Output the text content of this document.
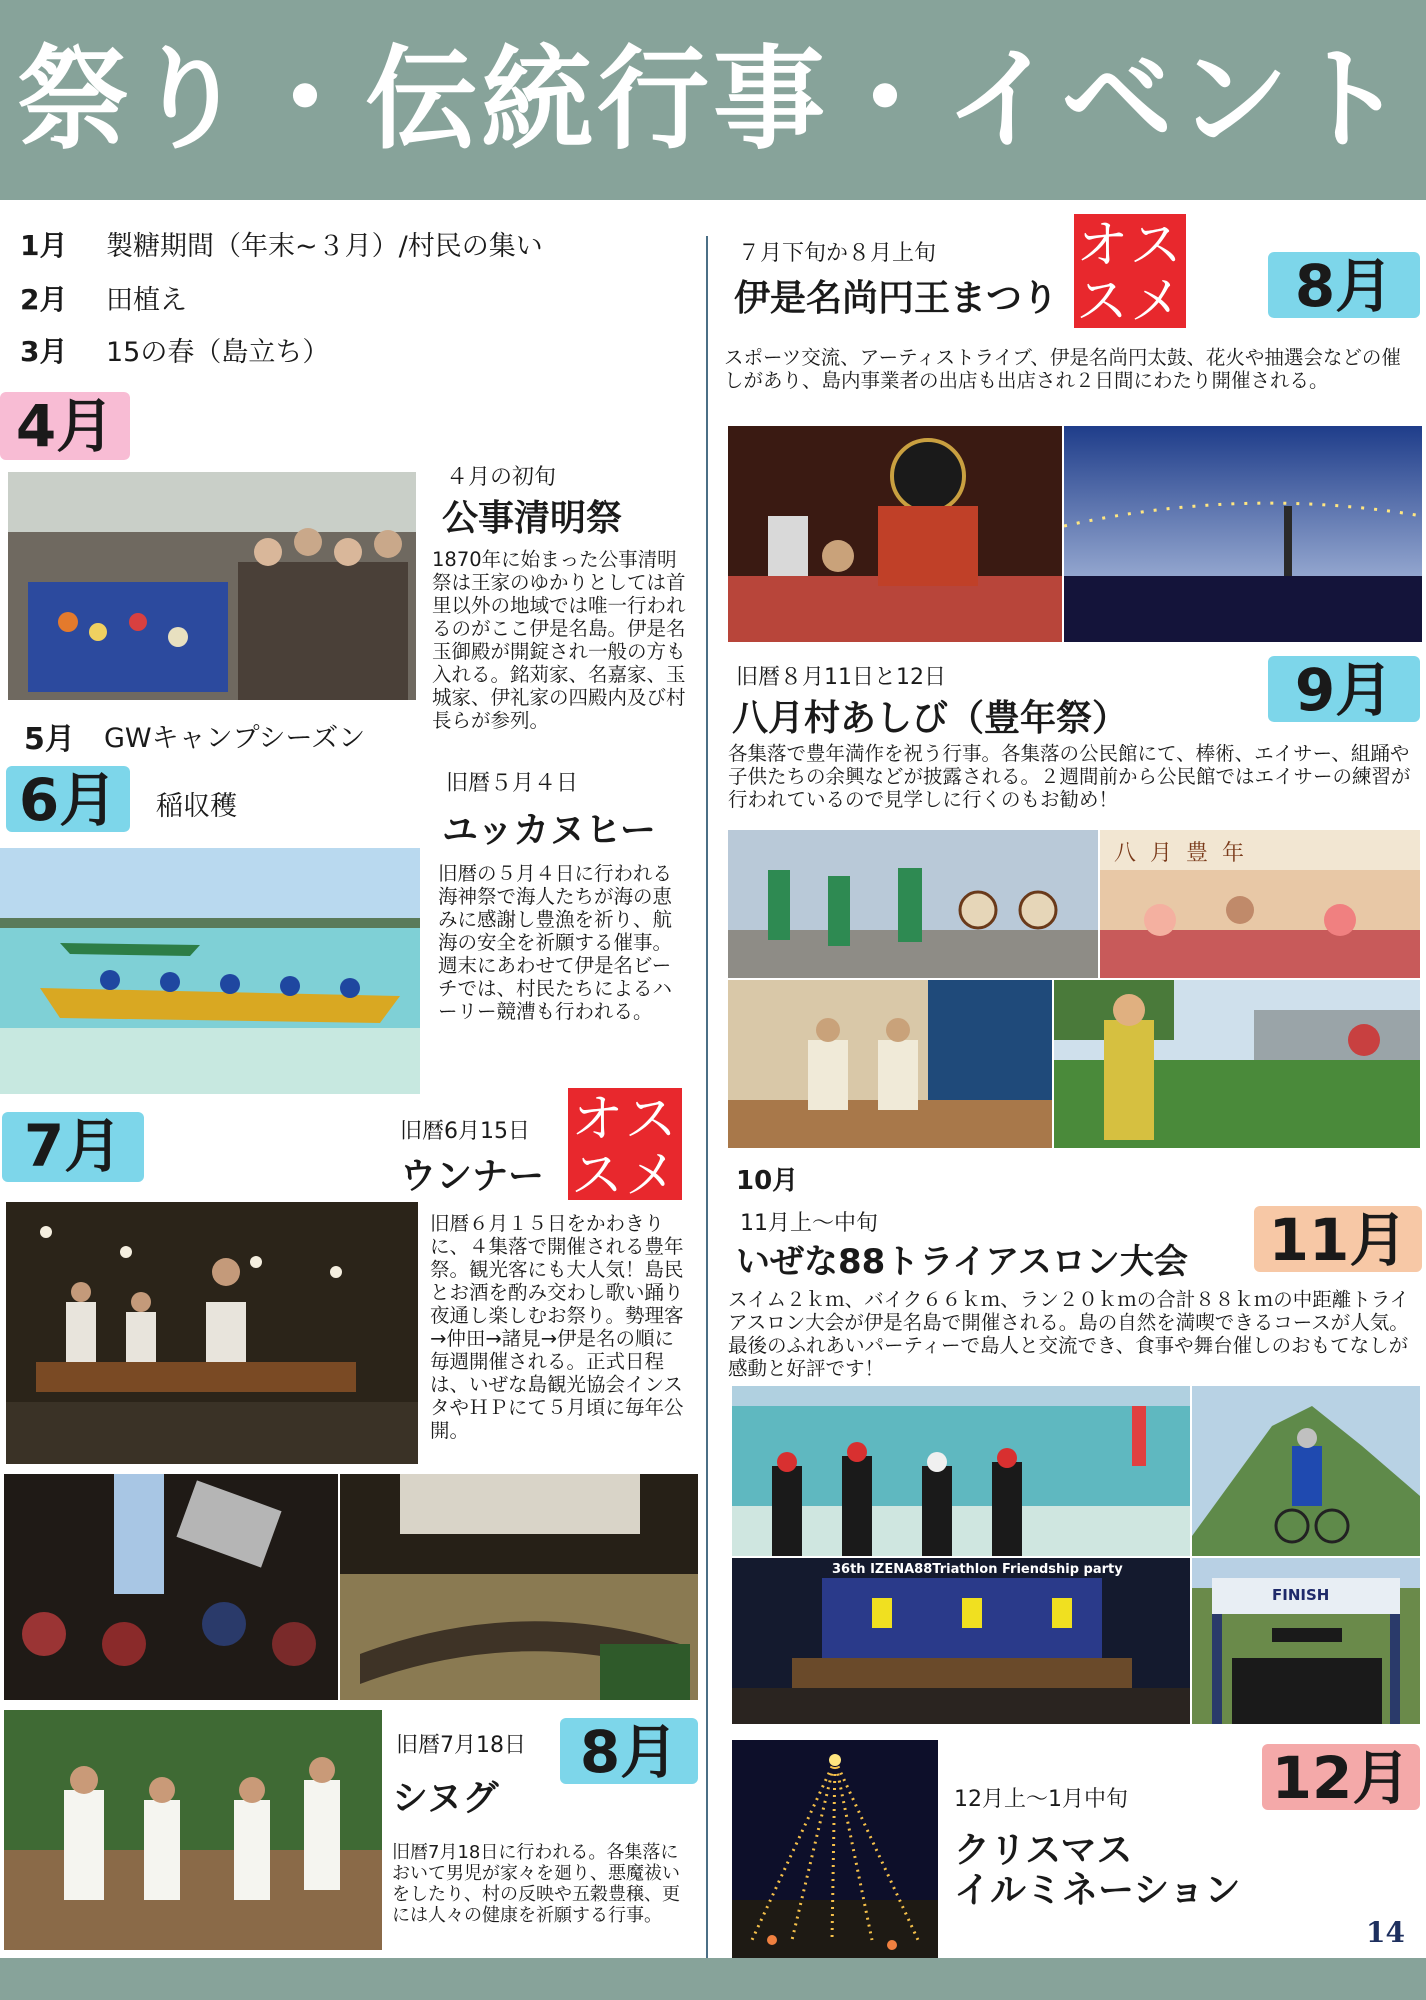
祭り・伝統行事・イベント
1月 製糖期間（年末~３月）/村民の集い
2月 田植え
3月 15の春（島立ち）
4月
４月の初旬
公事清明祭
1870年に始まった公事清明祭は王家のゆかりとしては首里以外の地域では唯一行われるのがここ伊是名島。伊是名玉御殿が開錠され一般の方も入れる。銘苅家、名嘉家、玉城家、伊礼家の四殿内及び村長らが参列。
5月 GWキャンプシーズン
6月	稲収穫
旧暦５月４日
ユッカヌヒー
旧暦の５月４日に行われる海神祭で海人たちが海の恵みに感謝し豊漁を祈り、航海の安全を祈願する催事。週末にあわせて伊是名ビーチでは、村民たちによるハーリー競漕も行われる。
7月	旧暦6月15日
ウンナー
オス
スメ
旧暦６月１５日をかわきりに、４集落で開催される豊年祭。観光客にも大人気！島民とお酒を酌み交わし歌い踊り夜通し楽しむお祭り。勢理客→仲田→諸見→伊是名の順に毎週開催される。正式日程は、いぜな島観光協会インスタやＨＰにて５月頃に毎年公開。
旧暦7月18日
シヌグ
8月
旧暦7月18日に行われる。各集落において男児が家々を廻り、悪魔祓いをしたり、村の反映や五穀豊穣、更には人々の健康を祈願する行事。
７月下旬か８月上旬
伊是名尚円王まつり
オス
スメ	8月
スポーツ交流、アーティストライブ、伊是名尚円太鼓、花火や抽選会などの催しがあり、島内事業者の出店も出店され２日間にわたり開催される。
旧暦８月11日と12日
八月村あしび（豊年祭）	9月
各集落で豊年満作を祝う行事。各集落の公民館にて、棒術、エイサー、組踊や子供たちの余興などが披露される。２週間前から公民館ではエイサーの練習が行われているので見学しに行くのもお勧め！
八月豊年
10月
11月上～中旬
いぜな88トライアスロン大会 11月
スイム２ｋｍ、バイク６６ｋｍ、ラン２０ｋｍの合計８８ｋｍの中距離トライアスロン大会が伊是名島で開催される。島の自然を満喫できるコースが人気。最後のふれあいパーティーで島人と交流でき、食事や舞台催しのおもてなしが感動と好評です！
36th IZENA88Triathlon Friendship party
FINISH
12月
12月上～1月中旬
クリスマス
イルミネーション
14
